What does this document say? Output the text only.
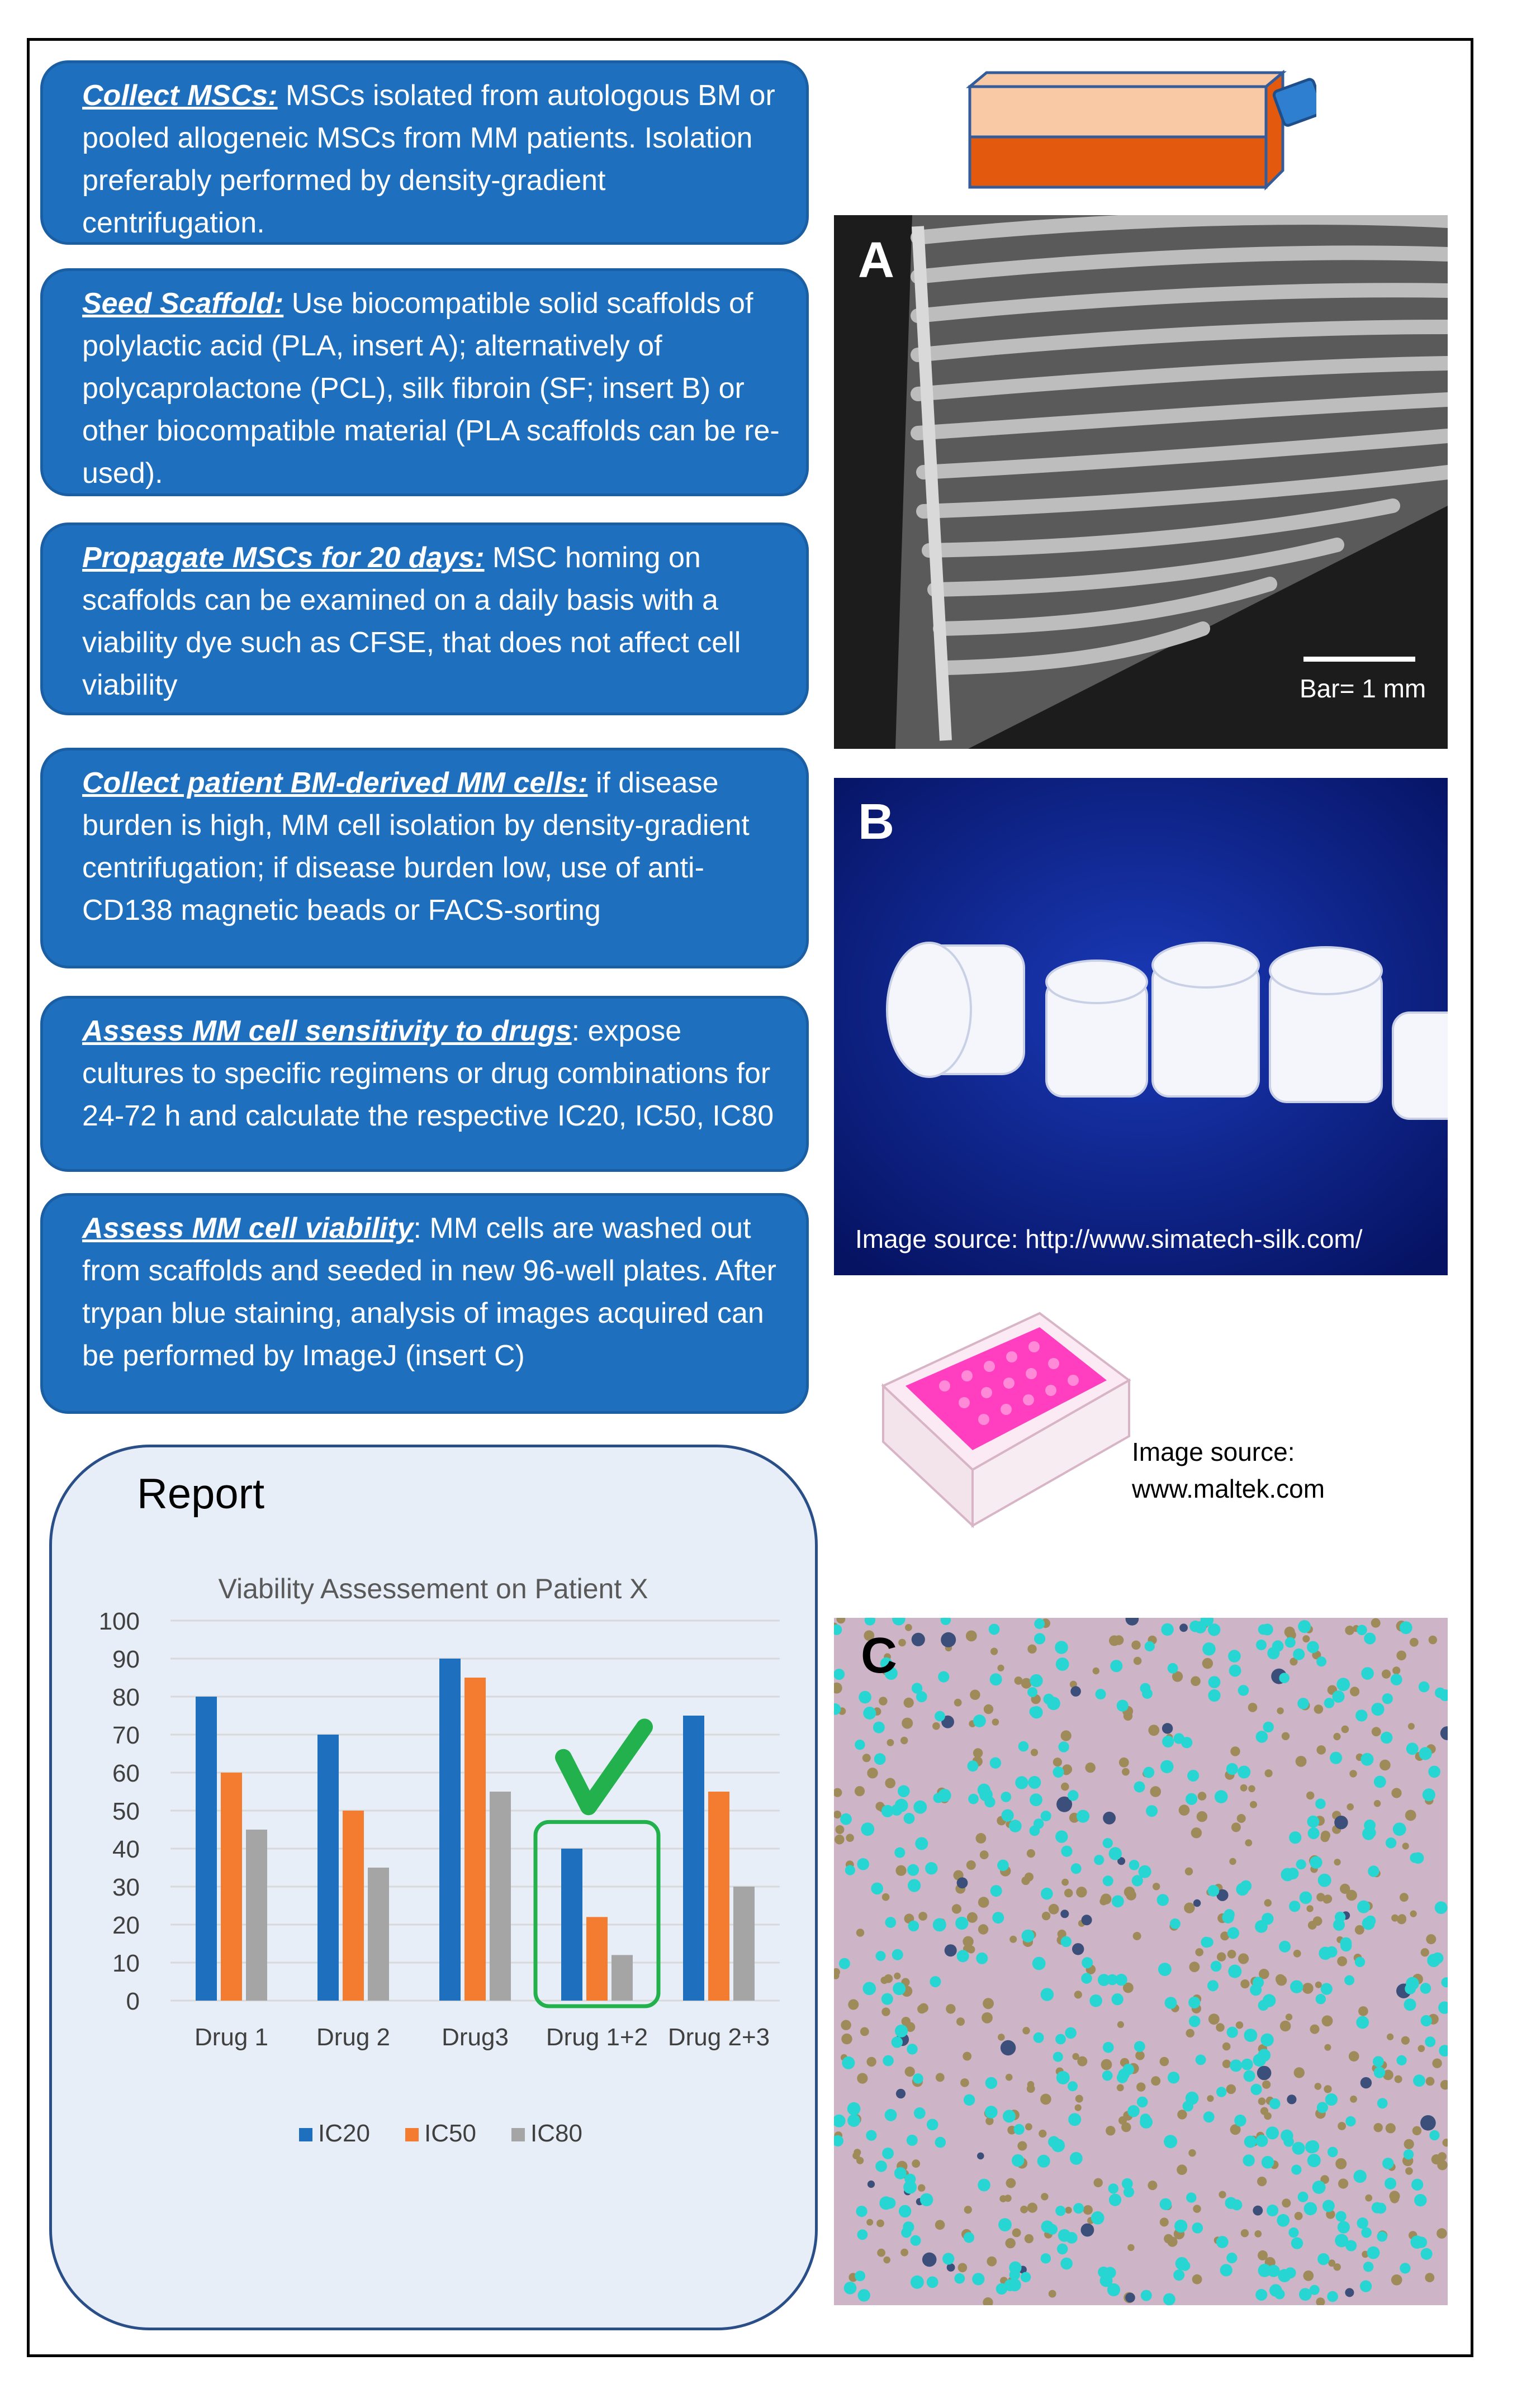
Collect MSCs: MSCs isolated from autologous BM or pooled allogeneic MSCs from MM patients. Isolation preferably performed by density-gradient centrifugation.
Seed Scaffold: Use biocompatible solid scaffolds of polylactic acid (PLA, insert A); alternatively of polycaprolactone (PCL), silk fibroin (SF; insert B) or other biocompatible material (PLA scaffolds can be re-used).
Propagate MSCs for 20 days: MSC homing on scaffolds can be examined on a daily basis with a viability dye such as CFSE, that does not affect cell viability
Collect patient BM-derived MM cells: if disease burden is high, MM cell isolation by density-gradient centrifugation; if disease burden low, use of anti-CD138 magnetic beads or FACS-sorting
Assess MM cell sensitivity to drugs: expose cultures to specific regimens or drug combinations for 24-72 h and calculate the respective IC20, IC50, IC80
Assess MM cell viability: MM cells are washed out from scaffolds and seeded in new 96-well plates. After trypan blue staining, analysis of images acquired can be performed by ImageJ (insert C)
A
Bar= 1 mm
B
Image source: http://www.simatech-silk.com/
Image source:
www.maltek.com
C
Report
Viability Assessement on Patient X
0
10
20
30
40
50
60
70
80
90
100
Drug 1 Drug 2 Drug3 Drug 1+2 Drug 2+3
IC20 IC50 IC80
